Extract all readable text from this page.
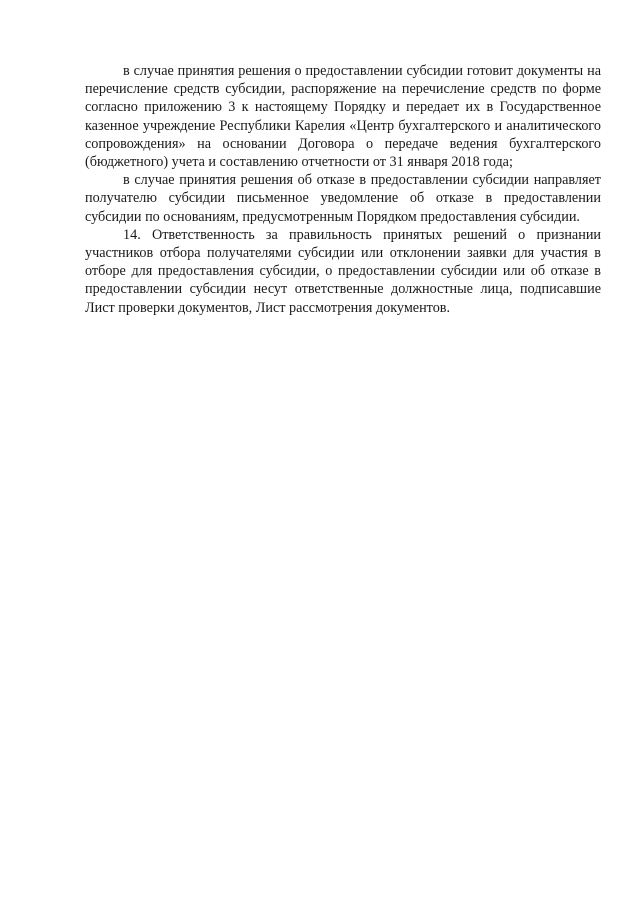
в случае принятия решения о предоставлении субсидии готовит документы на перечисление средств субсидии, распоряжение на перечисление средств по форме согласно приложению 3 к настоящему Порядку и передает их в Государственное казенное учреждение Республики Карелия «Центр бухгалтерского и аналитического сопровождения» на основании Договора о передаче ведения бухгалтерского (бюджетного) учета и составлению отчетности от 31 января 2018 года;

в случае принятия решения об отказе в предоставлении субсидии направляет получателю субсидии письменное уведомление об отказе в предоставлении субсидии по основаниям, предусмотренным Порядком предоставления субсидии.

14. Ответственность за правильность принятых решений о признании участников отбора получателями субсидии или отклонении заявки для участия в отборе для предоставления субсидии, о предоставлении субсидии или об отказе в предоставлении субсидии несут ответственные должностные лица, подписавшие Лист проверки документов, Лист рассмотрения документов.
